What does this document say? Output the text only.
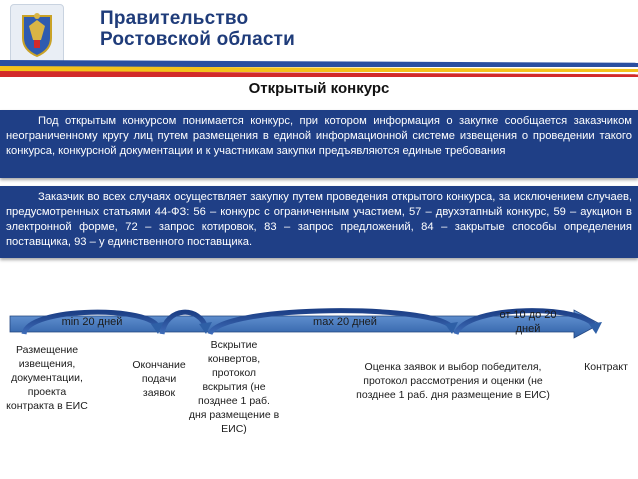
Правительство
Ростовской области
Открытый конкурс

Под открытым конкурсом понимается конкурс, при котором информация о закупке сообщается заказчиком неограниченному кругу лиц путем размещения в единой информационной системе извещения о проведении такого конкурса, конкурсной документации и к участникам закупки предъявляются единые требования

Заказчик во всех случаях осуществляет закупку путем проведения открытого конкурса, за исключением случаев, предусмотренных статьями 44-ФЗ: 56 – конкурс с ограниченным участием, 57 – двухэтапный конкурс, 59 – аукцион в электронной форме, 72 – запрос котировок, 83 – запрос предложений, 84 – закрытые способы определения поставщика, 93 – у единственного поставщика.

min 20 дней	max 20 дней
от 10 до 20 дней
Размещение извещения, документации, проекта контракта в ЕИС
Окончание подачи заявок
Вскрытие конвертов, протокол вскрытия (не позднее 1 раб. дня размещение в ЕИС)
Оценка заявок и выбор победителя, протокол рассмотрения и оценки (не позднее 1 раб. дня размещение в ЕИС)
Контракт
